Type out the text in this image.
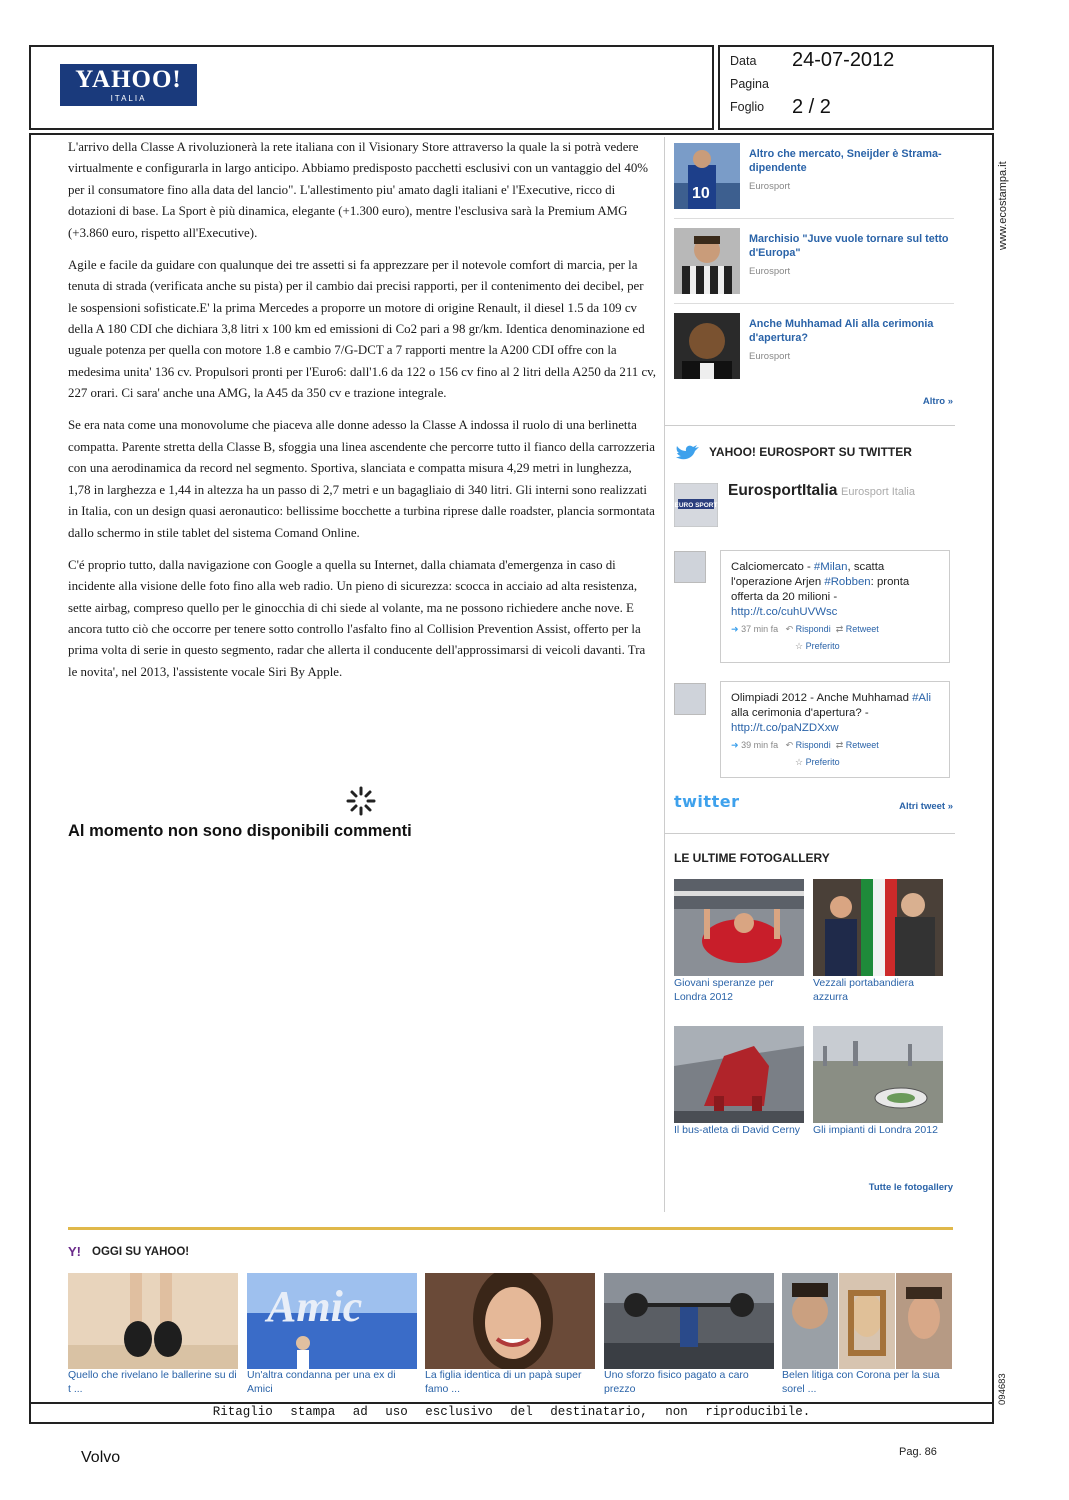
YAHOO!
ITALIA
Data 24-07-2012
Pagina
Foglio 2 / 2

L'arrivo della Classe A rivoluzionerà la rete italiana con il Visionary Store attraverso la quale la si potrà vedere virtualmente e configurarla in largo anticipo. Abbiamo predisposto pacchetti esclusivi con un vantaggio del 40% per il consumatore fino alla data del lancio". L'allestimento piu' amato dagli italiani e' l'Executive, ricco di dotazioni di base. La Sport è più dinamica, elegante (+1.300 euro), mentre l'esclusiva sarà la Premium AMG (+3.860 euro, rispetto all'Executive).

Agile e facile da guidare con qualunque dei tre assetti si fa apprezzare per il notevole comfort di marcia, per la tenuta di strada (verificata anche su pista) per il cambio dai precisi rapporti, per il contenimento dei decibel, per le sospensioni sofisticate.E' la prima Mercedes a proporre un motore di origine Renault, il diesel 1.5 da 109 cv della A 180 CDI che dichiara 3,8 litri x 100 km ed emissioni di Co2 pari a 98 gr/km. Identica denominazione ed uguale potenza per quella con motore 1.8 e cambio 7/G-DCT a 7 rapporti mentre la A200 CDI offre con la medesima unita' 136 cv. Propulsori pronti per l'Euro6: dall'1.6 da 122 o 156 cv fino al 2 litri della A250 da 211 cv, 227 orari. Ci sara' anche una AMG, la A45 da 350 cv e trazione integrale.

Se era nata come una monovolume che piaceva alle donne adesso la Classe A indossa il ruolo di una berlinetta compatta. Parente stretta della Classe B, sfoggia una linea ascendente che percorre tutto il fianco della carrozzeria con una aerodinamica da record nel segmento. Sportiva, slanciata e compatta misura 4,29 metri in lunghezza, 1,78 in larghezza e 1,44 in altezza ha un passo di 2,7 metri e un bagagliaio di 340 litri. Gli interni sono realizzati in Italia, con un design quasi aeronautico: bellissime bocchette a turbina riprese dalle roadster, plancia sormontata dallo schermo in stile tablet del sistema Comand Online.

C'é proprio tutto, dalla navigazione con Google a quella su Internet, dalla chiamata d'emergenza in caso di incidente alla visione delle foto fino alla web radio. Un pieno di sicurezza: scocca in acciaio ad alta resistenza, sette airbag, compreso quello per le ginocchia di chi siede al volante, ma ne possono richiedere anche nove. E ancora tutto ciò che occorre per tenere sotto controllo l'asfalto fino al Collision Prevention Assist, offerto per la prima volta di serie in questo segmento, radar che allerta il conducente dell'approssimarsi di veicoli davanti. Tra le novita', nel 2013, l'assistente vocale Siri By Apple.

Al momento non sono disponibili commenti
10
Altro che mercato, Sneijder è Strama-dipendente
Eurosport
Marchisio "Juve vuole tornare sul tetto d'Europa"
Eurosport
Anche Muhhamad Ali alla cerimonia d'apertura?
Eurosport
Altro »
YAHOO! EUROSPORT SU TWITTER
EURO SPORT
EurosportItalia Eurosport Italia
Calciomercato - #Milan, scatta l'operazione Arjen #Robben: pronta offerta da 20 milioni -
http://t.co/cuhUVWsc
➜ 37 min fa ↶ Rispondi ⇄ Retweet
☆ Preferito
Olimpiadi 2012 - Anche Muhhamad #Ali alla cerimonia d'apertura? -
http://t.co/paNZDXxw
➜ 39 min fa ↶ Rispondi ⇄ Retweet
☆ Preferito
twitter	Altri tweet »
LE ULTIME FOTOGALLERY
Giovani speranze per Londra 2012
Vezzali portabandiera azzurra
Il bus-atleta di David Cerny	Gli impianti di Londra 2012
Tutte le fotogallery
Y! OGGI SU YAHOO!
Quello che rivelano le ballerine su di t ...
Amic
Un'altra condanna per una ex di Amici
La figlia identica di un papà super famo ...
Uno sforzo fisico pagato a caro prezzo
Belen litiga con Corona per la sua sorel ...
Ritaglio stampa ad uso esclusivo del destinatario, non riproducibile.
Volvo	Pag. 86
www.ecostampa.it
094683
